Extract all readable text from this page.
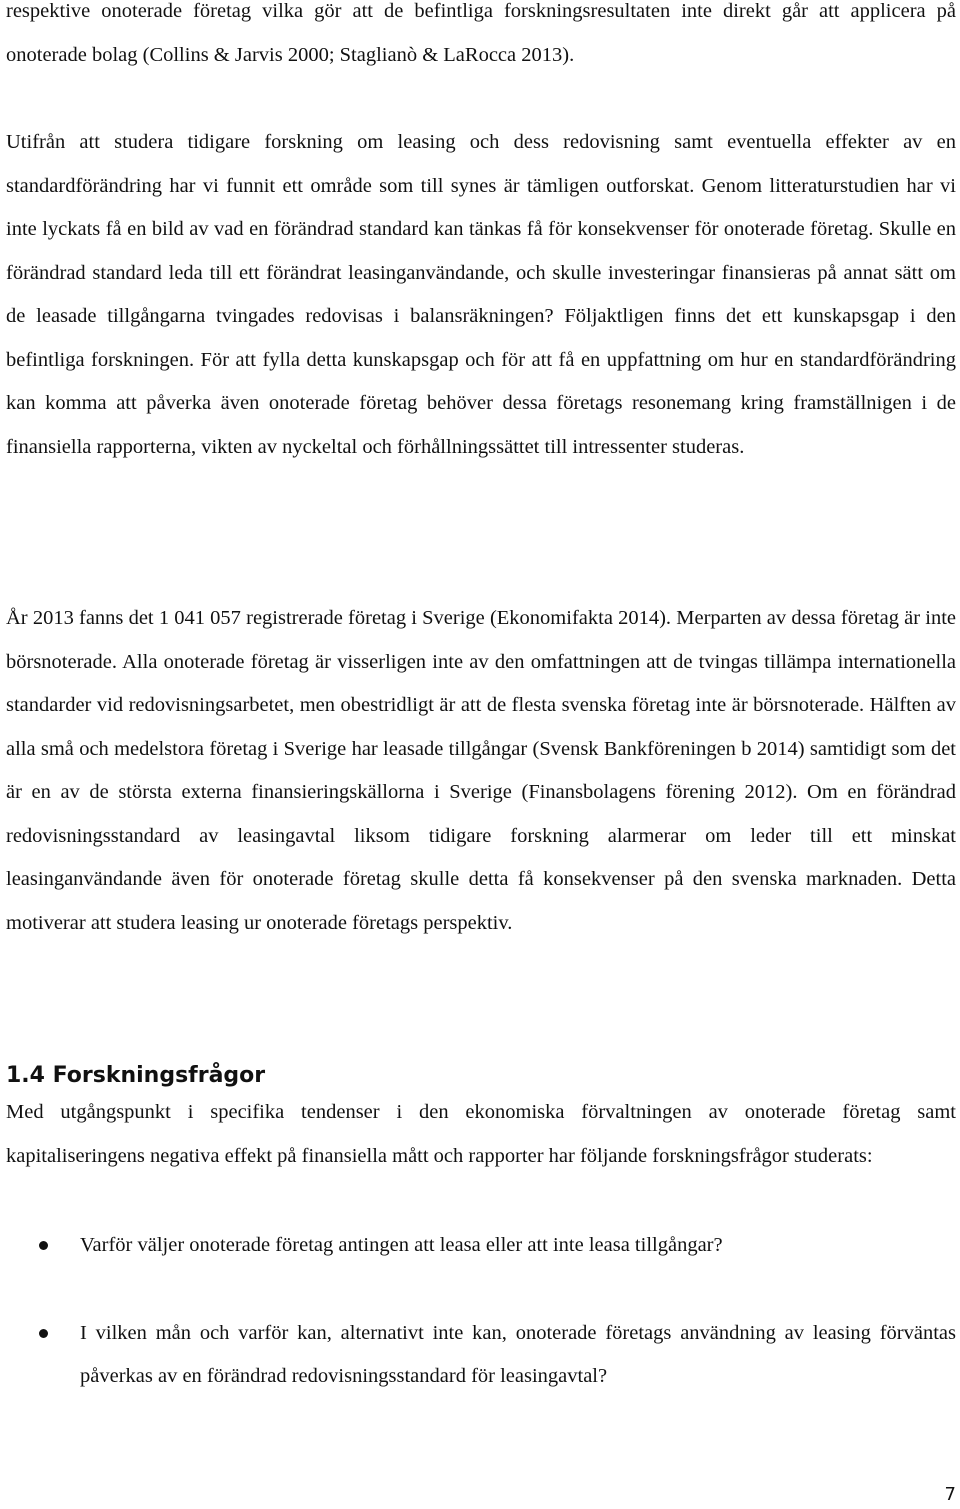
respektive onoterade företag vilka gör att de befintliga forskningsresultaten inte direkt går att applicera på onoterade bolag (Collins & Jarvis 2000; Staglianò & LaRocca 2013).

Utifrån att studera tidigare forskning om leasing och dess redovisning samt eventuella effekter av en standardförändring har vi funnit ett område som till synes är tämligen outforskat. Genom litteraturstudien har vi inte lyckats få en bild av vad en förändrad standard kan tänkas få för konsekvenser för onoterade företag. Skulle en förändrad standard leda till ett förändrat leasinganvändande, och skulle investeringar finansieras på annat sätt om de leasade tillgångarna tvingades redovisas i balansräkningen? Följaktligen finns det ett kunskapsgap i den befintliga forskningen. För att fylla detta kunskapsgap och för att få en uppfattning om hur en standardförändring kan komma att påverka även onoterade företag behöver dessa företags resonemang kring framställnigen i de finansiella rapporterna, vikten av nyckeltal och förhållningssättet till intressenter studeras.

År 2013 fanns det 1 041 057 registrerade företag i Sverige (Ekonomifakta 2014). Merparten av dessa företag är inte börsnoterade. Alla onoterade företag är visserligen inte av den omfattningen att de tvingas tillämpa internationella standarder vid redovisningsarbetet, men obestridligt är att de flesta svenska företag inte är börsnoterade. Hälften av alla små och medelstora företag i Sverige har leasade tillgångar (Svensk Bankföreningen b 2014) samtidigt som det är en av de största externa finansieringskällorna i Sverige (Finansbolagens förening 2012). Om en förändrad redovisningsstandard av leasingavtal liksom tidigare forskning alarmerar om leder till ett minskat leasinganvändande även för onoterade företag skulle detta få konsekvenser på den svenska marknaden. Detta motiverar att studera leasing ur onoterade företags perspektiv.

1.4 Forskningsfrågor

Med utgångspunkt i specifika tendenser i den ekonomiska förvaltningen av onoterade företag samt kapitaliseringens negativa effekt på finansiella mått och rapporter har följande forskningsfrågor studerats:

Varför väljer onoterade företag antingen att leasa eller att inte leasa tillgångar?
I vilken mån och varför kan, alternativt inte kan, onoterade företags användning av leasing förväntas påverkas av en förändrad redovisningsstandard för leasingavtal?
7
